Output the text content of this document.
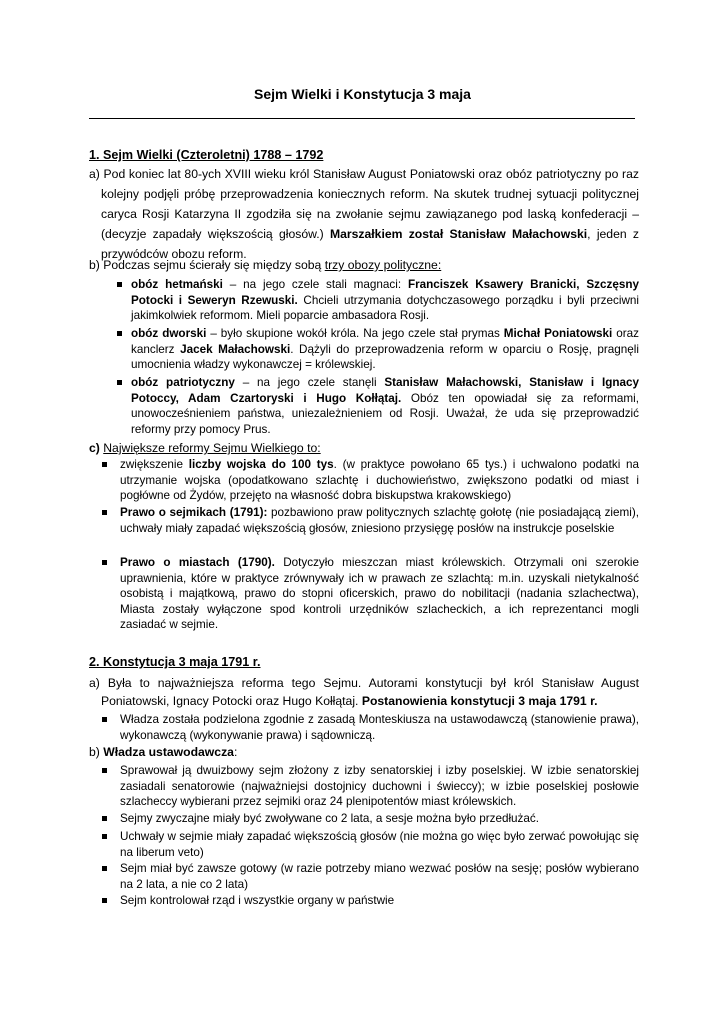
Sejm Wielki i Konstytucja 3 maja
1. Sejm Wielki (Czteroletni) 1788 – 1792
a) Pod koniec lat 80-ych XVIII wieku król Stanisław August Poniatowski oraz obóz patriotyczny po raz kolejny podjęli próbę przeprowadzenia koniecznych reform. Na skutek trudnej sytuacji politycznej caryca Rosji Katarzyna II zgodziła się na zwołanie sejmu zawiązanego pod laską konfederacji – (decyzje zapadały większością głosów.) Marszałkiem został Stanisław Małachowski, jeden z przywódców obozu reform.
b) Podczas sejmu ścierały się między sobą trzy obozy polityczne:
obóz hetmański – na jego czele stali magnaci: Franciszek Ksawery Branicki, Szczęsny Potocki i Seweryn Rzewuski. Chcieli utrzymania dotychczasowego porządku i byli przeciwni jakimkolwiek reformom. Mieli poparcie ambasadora Rosji.
obóz dworski – było skupione wokół króla. Na jego czele stał prymas Michał Poniatowski oraz kanclerz Jacek Małachowski. Dążyli do przeprowadzenia reform w oparciu o Rosję, pragnęli umocnienia władzy wykonawczej = królewskiej.
obóz patriotyczny – na jego czele stanęli Stanisław Małachowski, Stanisław i Ignacy Potoccy, Adam Czartoryski i Hugo Kołłątaj. Obóz ten opowiadał się za reformami, unowocześnieniem państwa, uniezależnieniem od Rosji. Uważał, że uda się przeprowadzić reformy przy pomocy Prus.
c) Największe reformy Sejmu Wielkiego to:
zwiększenie liczby wojska do 100 tys. (w praktyce powołano 65 tys.) i uchwalono podatki na utrzymanie wojska (opodatkowano szlachtę i duchowieństwo, zwiększono podatki od miast i pogłówne od Żydów, przejęto na własność dobra biskupstwa krakowskiego)
Prawo o sejmikach (1791): pozbawiono praw politycznych szlachtę gołotę (nie posiadającą ziemi), uchwały miały zapadać większością głosów, zniesiono przysięgę posłów na instrukcje poselskie
Prawo o miastach (1790). Dotyczyło mieszczan miast królewskich. Otrzymali oni szerokie uprawnienia, które w praktyce zrównywały ich w prawach ze szlachtą: m.in. uzyskali nietykalność osobistą i majątkową, prawo do stopni oficerskich, prawo do nobilitacji (nadania szlachectwa), Miasta zostały wyłączone spod kontroli urzędników szlacheckich, a ich reprezentanci mogli zasiadać w sejmie.
2. Konstytucja 3 maja 1791 r.
a) Była to najważniejsza reforma tego Sejmu. Autorami konstytucji był król Stanisław August Poniatowski, Ignacy Potocki oraz Hugo Kołłątaj. Postanowienia konstytucji 3 maja 1791 r.
Władza została podzielona zgodnie z zasadą Monteskiusza na ustawodawczą (stanowienie prawa), wykonawczą (wykonywanie prawa) i sądowniczą.
b) Władza ustawodawcza:
Sprawował ją dwuizbowy sejm złożony z izby senatorskiej i izby poselskiej. W izbie senatorskiej zasiadali senatorowie (najważniejsi dostojnicy duchowni i świeccy); w izbie poselskiej posłowie szlacheccy wybierani przez sejmiki oraz 24 plenipotentów miast królewskich.
Sejmy zwyczajne miały być zwoływane co 2 lata, a sesje można było przedłużać.
Uchwały w sejmie miały zapadać większością głosów (nie można go więc było zerwać powołując się na liberum veto)
Sejm miał być zawsze gotowy (w razie potrzeby miano wezwać posłów na sesję; posłów wybierano na 2 lata, a nie co 2 lata)
Sejm kontrolował rząd i wszystkie organy w państwie
